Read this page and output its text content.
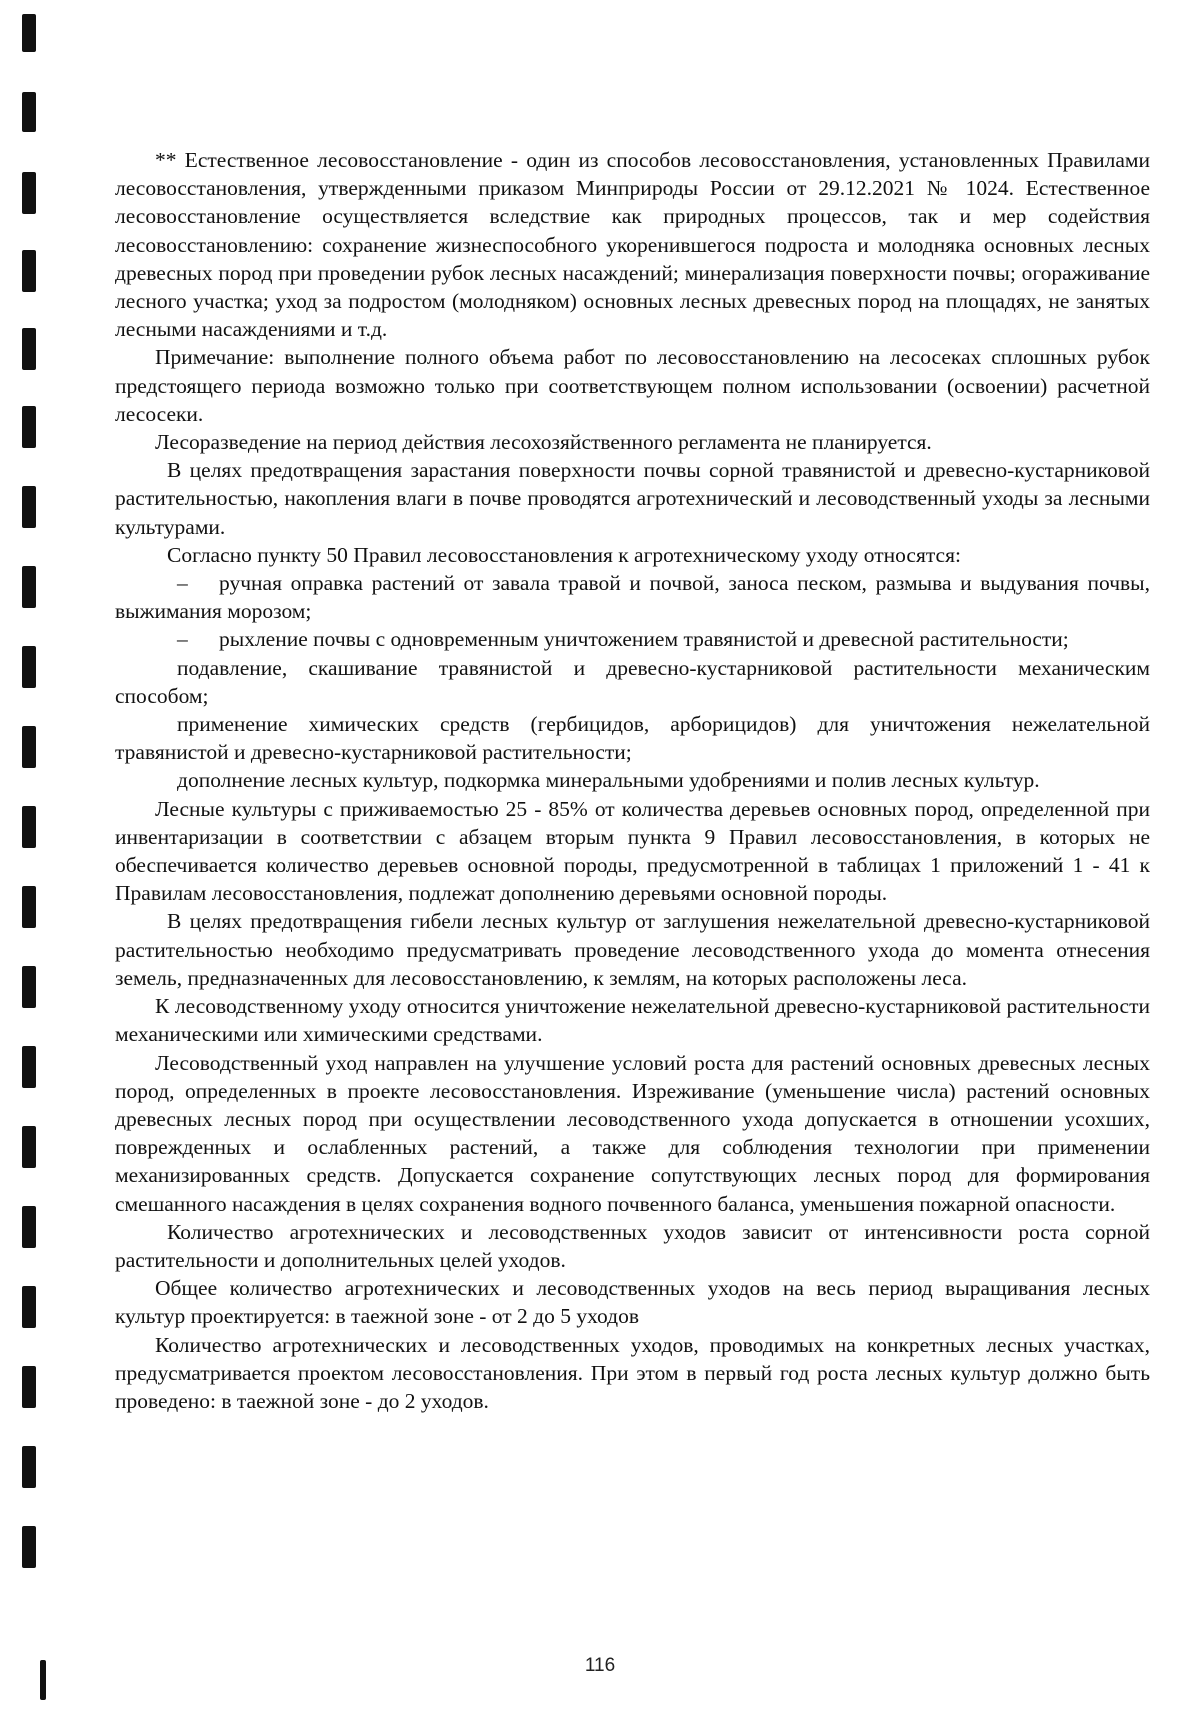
** Естественное лесовосстановление - один из способов лесовосстановления, установленных Правилами лесовосстановления, утвержденными приказом Минприроды России от 29.12.2021 № 1024. Естественное лесовосстановление осуществляется вследствие как природных процессов, так и мер содействия лесовосстановлению: сохранение жизнеспособного укоренившегося подроста и молодняка основных лесных древесных пород при проведении рубок лесных насаждений; минерализация поверхности почвы; огораживание лесного участка; уход за подростом (молодняком) основных лесных древесных пород на площадях, не занятых лесными насаждениями и т.д.

Примечание: выполнение полного объема работ по лесовосстановлению на лесосеках сплошных рубок предстоящего периода возможно только при соответствующем полном использовании (освоении) расчетной лесосеки.

Лесоразведение на период действия лесохозяйственного регламента не планируется.

В целях предотвращения зарастания поверхности почвы сорной травянистой и древесно-кустарниковой растительностью, накопления влаги в почве проводятся агротехнический и лесоводственный уходы за лесными культурами.

Согласно пункту 50 Правил лесовосстановления к агротехническому уходу относятся:

– ручная оправка растений от завала травой и почвой, заноса песком, размыва и выдувания почвы, выжимания морозом;

– рыхление почвы с одновременным уничтожением травянистой и древесной растительности;

подавление, скашивание травянистой и древесно-кустарниковой растительности механическим способом;

применение химических средств (гербицидов, арборицидов) для уничтожения нежелательной травянистой и древесно-кустарниковой растительности;

дополнение лесных культур, подкормка минеральными удобрениями и полив лесных культур.

Лесные культуры с приживаемостью 25 - 85% от количества деревьев основных пород, определенной при инвентаризации в соответствии с абзацем вторым пункта 9 Правил лесовосстановления, в которых не обеспечивается количество деревьев основной породы, предусмотренной в таблицах 1 приложений 1 - 41 к Правилам лесовосстановления, подлежат дополнению деревьями основной породы.

В целях предотвращения гибели лесных культур от заглушения нежелательной древесно-кустарниковой растительностью необходимо предусматривать проведение лесоводственного ухода до момента отнесения земель, предназначенных для лесовосстановлению, к землям, на которых расположены леса.

К лесоводственному уходу относится уничтожение нежелательной древесно-кустарниковой растительности механическими или химическими средствами.

Лесоводственный уход направлен на улучшение условий роста для растений основных древесных лесных пород, определенных в проекте лесовосстановления. Изреживание (уменьшение числа) растений основных древесных лесных пород при осуществлении лесоводственного ухода допускается в отношении усохших, поврежденных и ослабленных растений, а также для соблюдения технологии при применении механизированных средств. Допускается сохранение сопутствующих лесных пород для формирования смешанного насаждения в целях сохранения водного почвенного баланса, уменьшения пожарной опасности.

Количество агротехнических и лесоводственных уходов зависит от интенсивности роста сорной растительности и дополнительных целей уходов.

Общее количество агротехнических и лесоводственных уходов на весь период выращивания лесных культур проектируется: в таежной зоне - от 2 до 5 уходов

Количество агротехнических и лесоводственных уходов, проводимых на конкретных лесных участках, предусматривается проектом лесовосстановления. При этом в первый год роста лесных культур должно быть проведено: в таежной зоне - до 2 уходов.

116
